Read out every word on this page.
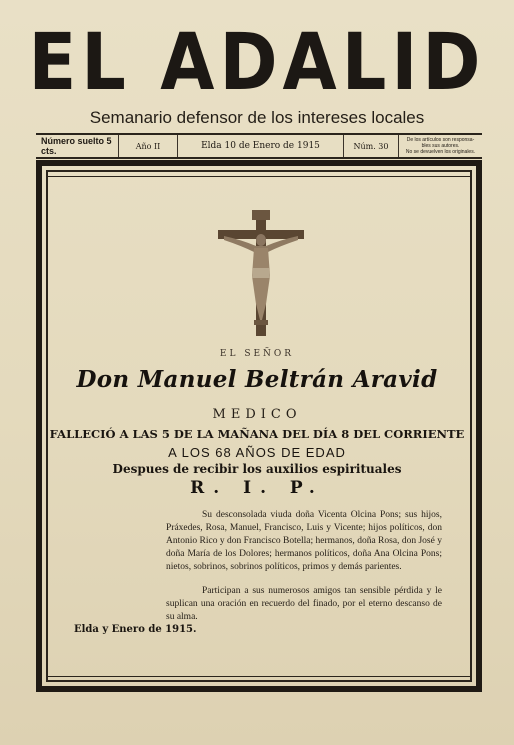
EL ADALID
Semanario defensor de los intereses locales
Número suelto 5 cts.	Año II	Elda 10 de Enero de 1915	Núm. 30
De los artículos son responsa-
bles sus autores.
No se devuelven los originales.
EL SEÑOR
Don Manuel Beltrán Aravid
MEDICO
FALLECIÓ A LAS 5 DE LA MAÑANA DEL DÍA 8 DEL CORRIENTE
A LOS 68 AÑOS DE EDAD
Despues de recibir los auxilios espirituales
R. I. P.
Su desconsolada viuda doña Vicenta Olcina Pons; sus hijos, Práxedes, Rosa, Manuel, Francisco, Luis y Vicente; hijos políticos, don Antonio Rico y don Francisco Botella; hermanos, doña Rosa, don José y doña María de los Dolores; hermanos políticos, doña Ana Olcina Pons; nietos, sobrinos, sobrinos políticos, primos y demás parientes.
Participan a sus numerosos amigos tan sensible pérdida y le suplican una oración en recuerdo del finado, por el eterno descanso de su alma.
Elda y Enero de 1915.
